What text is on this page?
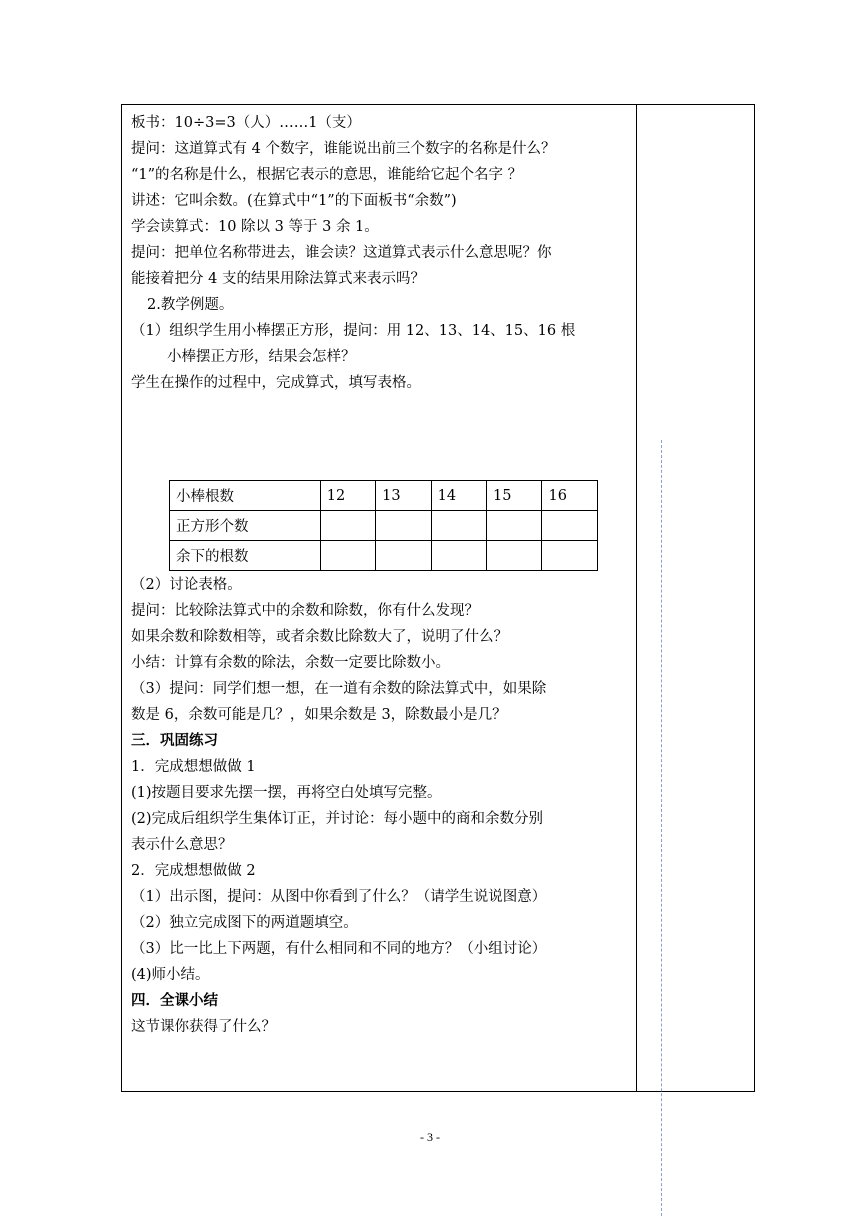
板书：10÷3=3（人）……1（支）
提问：这道算式有 4 个数字，谁能说出前三个数字的名称是什么？
“1”的名称是什么，根据它表示的意思，谁能给它起个名字 ？
讲述：它叫余数。(在算式中“1”的下面板书“余数”)
学会读算式：10 除以 3 等于 3 余 1。
提问：把单位名称带进去，谁会读？这道算式表示什么意思呢？你
能接着把分 4 支的结果用除法算式来表示吗？
2.教学例题。
（1）组织学生用小棒摆正方形，提问：用 12、13、14、15、16 根
小棒摆正方形，结果会怎样？
学生在操作的过程中，完成算式，填写表格。
小棒根数	12	13	14	15	16
正方形个数					
余下的根数					
（2）讨论表格。
提问：比较除法算式中的余数和除数，你有什么发现？
如果余数和除数相等，或者余数比除数大了，说明了什么？
小结：计算有余数的除法，余数一定要比除数小。
（3）提问：同学们想一想，在一道有余数的除法算式中，如果除
数是 6，余数可能是几？，如果余数是 3，除数最小是几？
三．巩固练习
1．完成想想做做 1
(1)按题目要求先摆一摆，再将空白处填写完整。
(2)完成后组织学生集体订正，并讨论：每小题中的商和余数分别
表示什么意思？
2．完成想想做做 2
（1）出示图，提问：从图中你看到了什么？（请学生说说图意）
（2）独立完成图下的两道题填空。
（3）比一比上下两题，有什么相同和不同的地方？（小组讨论）
(4)师小结。
四．全课小结
这节课你获得了什么？
- 3 -
